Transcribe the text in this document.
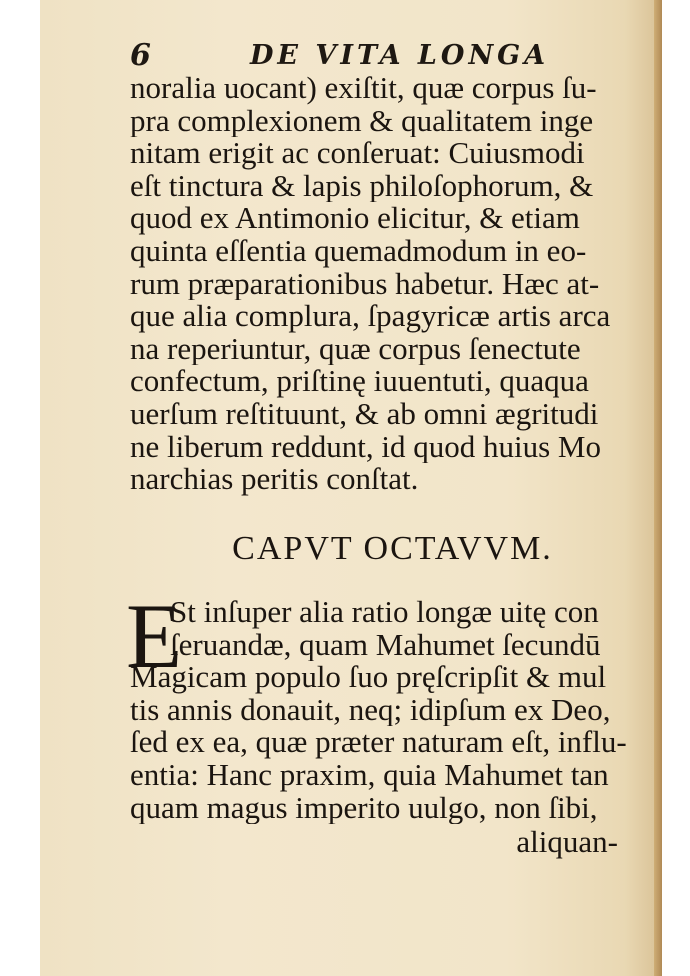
6	DE VITA LONGA
noralia uocant) exiſtit, quæ corpus ſu-
pra complexionem & qualitatem inge
nitam erigit ac conſeruat: Cuiusmodi
eſt tinctura & lapis philoſophorum, &
quod ex Antimonio elicitur, & etiam
quinta eſſentia quemadmodum in eo-
rum præparationibus habetur. Hæc at-
que alia complura, ſpagyricæ artis arca
na reperiuntur, quæ corpus ſenectute
confectum, priſtinę iuuentuti, quaqua
uerſum reſtituunt, & ab omni ægritudi
ne liberum reddunt, id quod huius Mo
narchias peritis conſtat.
CAPVT OCTAVVM.
E
St inſuper alia ratio longæ uitę con
ſeruandæ, quam Mahumet ſecundū
Magicam populo ſuo pręſcripſit & mul
tis annis donauit, neq; idipſum ex Deo,
ſed ex ea, quæ præter naturam eſt, influ-
entia: Hanc praxim, quia Mahumet tan
quam magus imperito uulgo, non ſibi,
aliquan-
